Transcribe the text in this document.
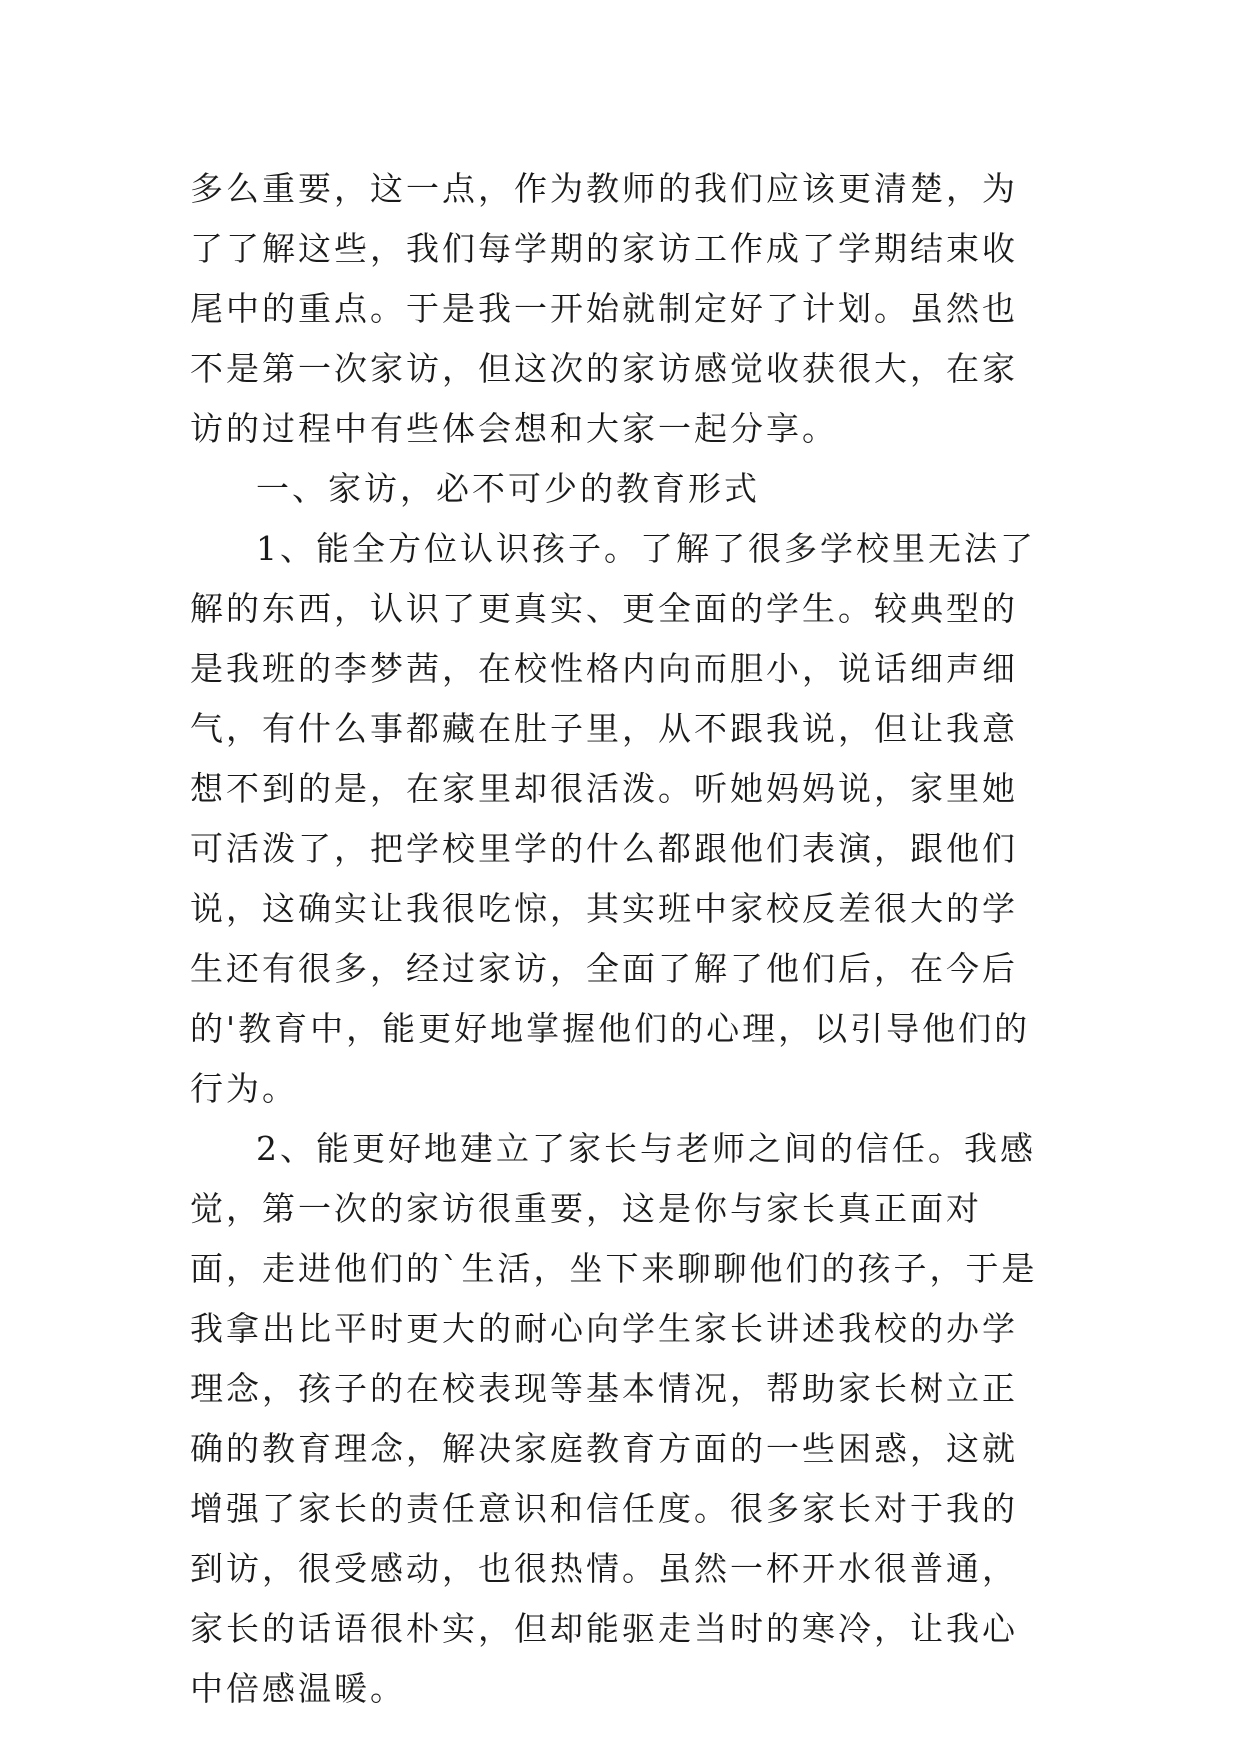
多么重要，这一点，作为教师的我们应该更清楚，为了了解这些，我们每学期的家访工作成了学期结束收尾中的重点。于是我一开始就制定好了计划。虽然也不是第一次家访，但这次的家访感觉收获很大，在家访的过程中有些体会想和大家一起分享。

一、家访，必不可少的教育形式

1、能全方位认识孩子。了解了很多学校里无法了解的东西，认识了更真实、更全面的学生。较典型的是我班的李梦茜，在校性格内向而胆小，说话细声细气，有什么事都藏在肚子里，从不跟我说，但让我意想不到的是，在家里却很活泼。听她妈妈说，家里她可活泼了，把学校里学的什么都跟他们表演，跟他们说，这确实让我很吃惊，其实班中家校反差很大的学生还有很多，经过家访，全面了解了他们后，在今后的'教育中，能更好地掌握他们的心理，以引导他们的行为。

2、能更好地建立了家长与老师之间的信任。我感觉，第一次的家访很重要，这是你与家长真正面对面，走进他们的`生活，坐下来聊聊他们的孩子，于是我拿出比平时更大的耐心向学生家长讲述我校的办学理念，孩子的在校表现等基本情况，帮助家长树立正确的教育理念，解决家庭教育方面的一些困惑，这就增强了家长的责任意识和信任度。很多家长对于我的到访，很受感动，也很热情。虽然一杯开水很普通，家长的话语很朴实，但却能驱走当时的寒冷，让我心中倍感温暖。
